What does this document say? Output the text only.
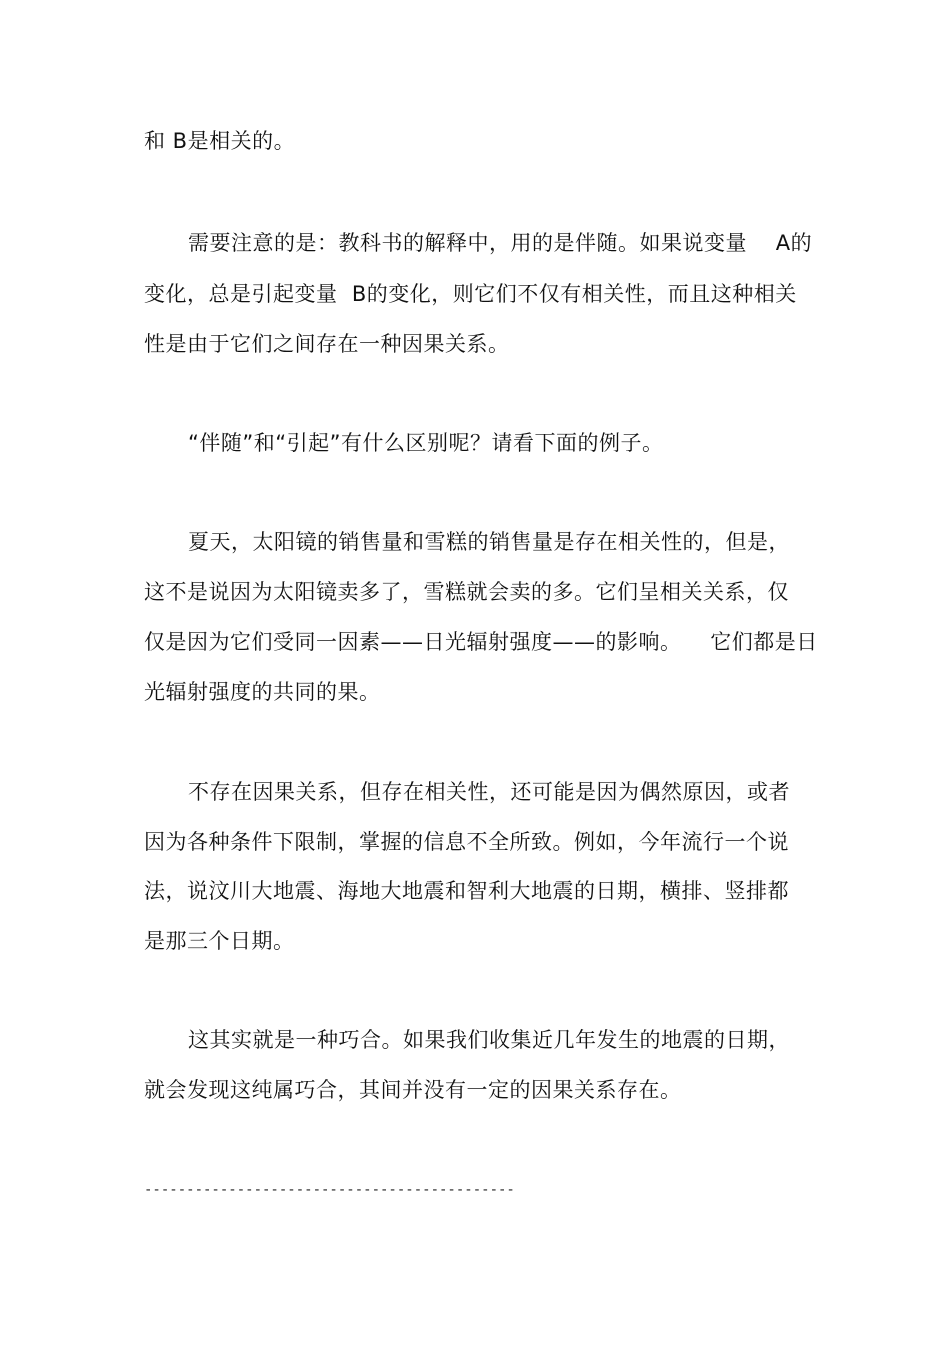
和 B是相关的。
需要注意的是：教科书的解释中，用的是伴随。如果说变量    A的
变化，总是引起变量  B的变化，则它们不仅有相关性，而且这种相关
性是由于它们之间存在一种因果关系。
“伴随”和“引起”有什么区别呢？请看下面的例子。
夏天，太阳镜的销售量和雪糕的销售量是存在相关性的，但是，
这不是说因为太阳镜卖多了，雪糕就会卖的多。它们呈相关关系，仅
仅是因为它们受同一因素——日光辐射强度——的影响。    它们都是日
光辐射强度的共同的果。
不存在因果关系，但存在相关性，还可能是因为偶然原因，或者
因为各种条件下限制，掌握的信息不全所致。例如，今年流行一个说
法，说汶川大地震、海地大地震和智利大地震的日期，横排、竖排都
是那三个日期。
这其实就是一种巧合。如果我们收集近几年发生的地震的日期，
就会发现这纯属巧合，其间并没有一定的因果关系存在。
--------------------------------------------
